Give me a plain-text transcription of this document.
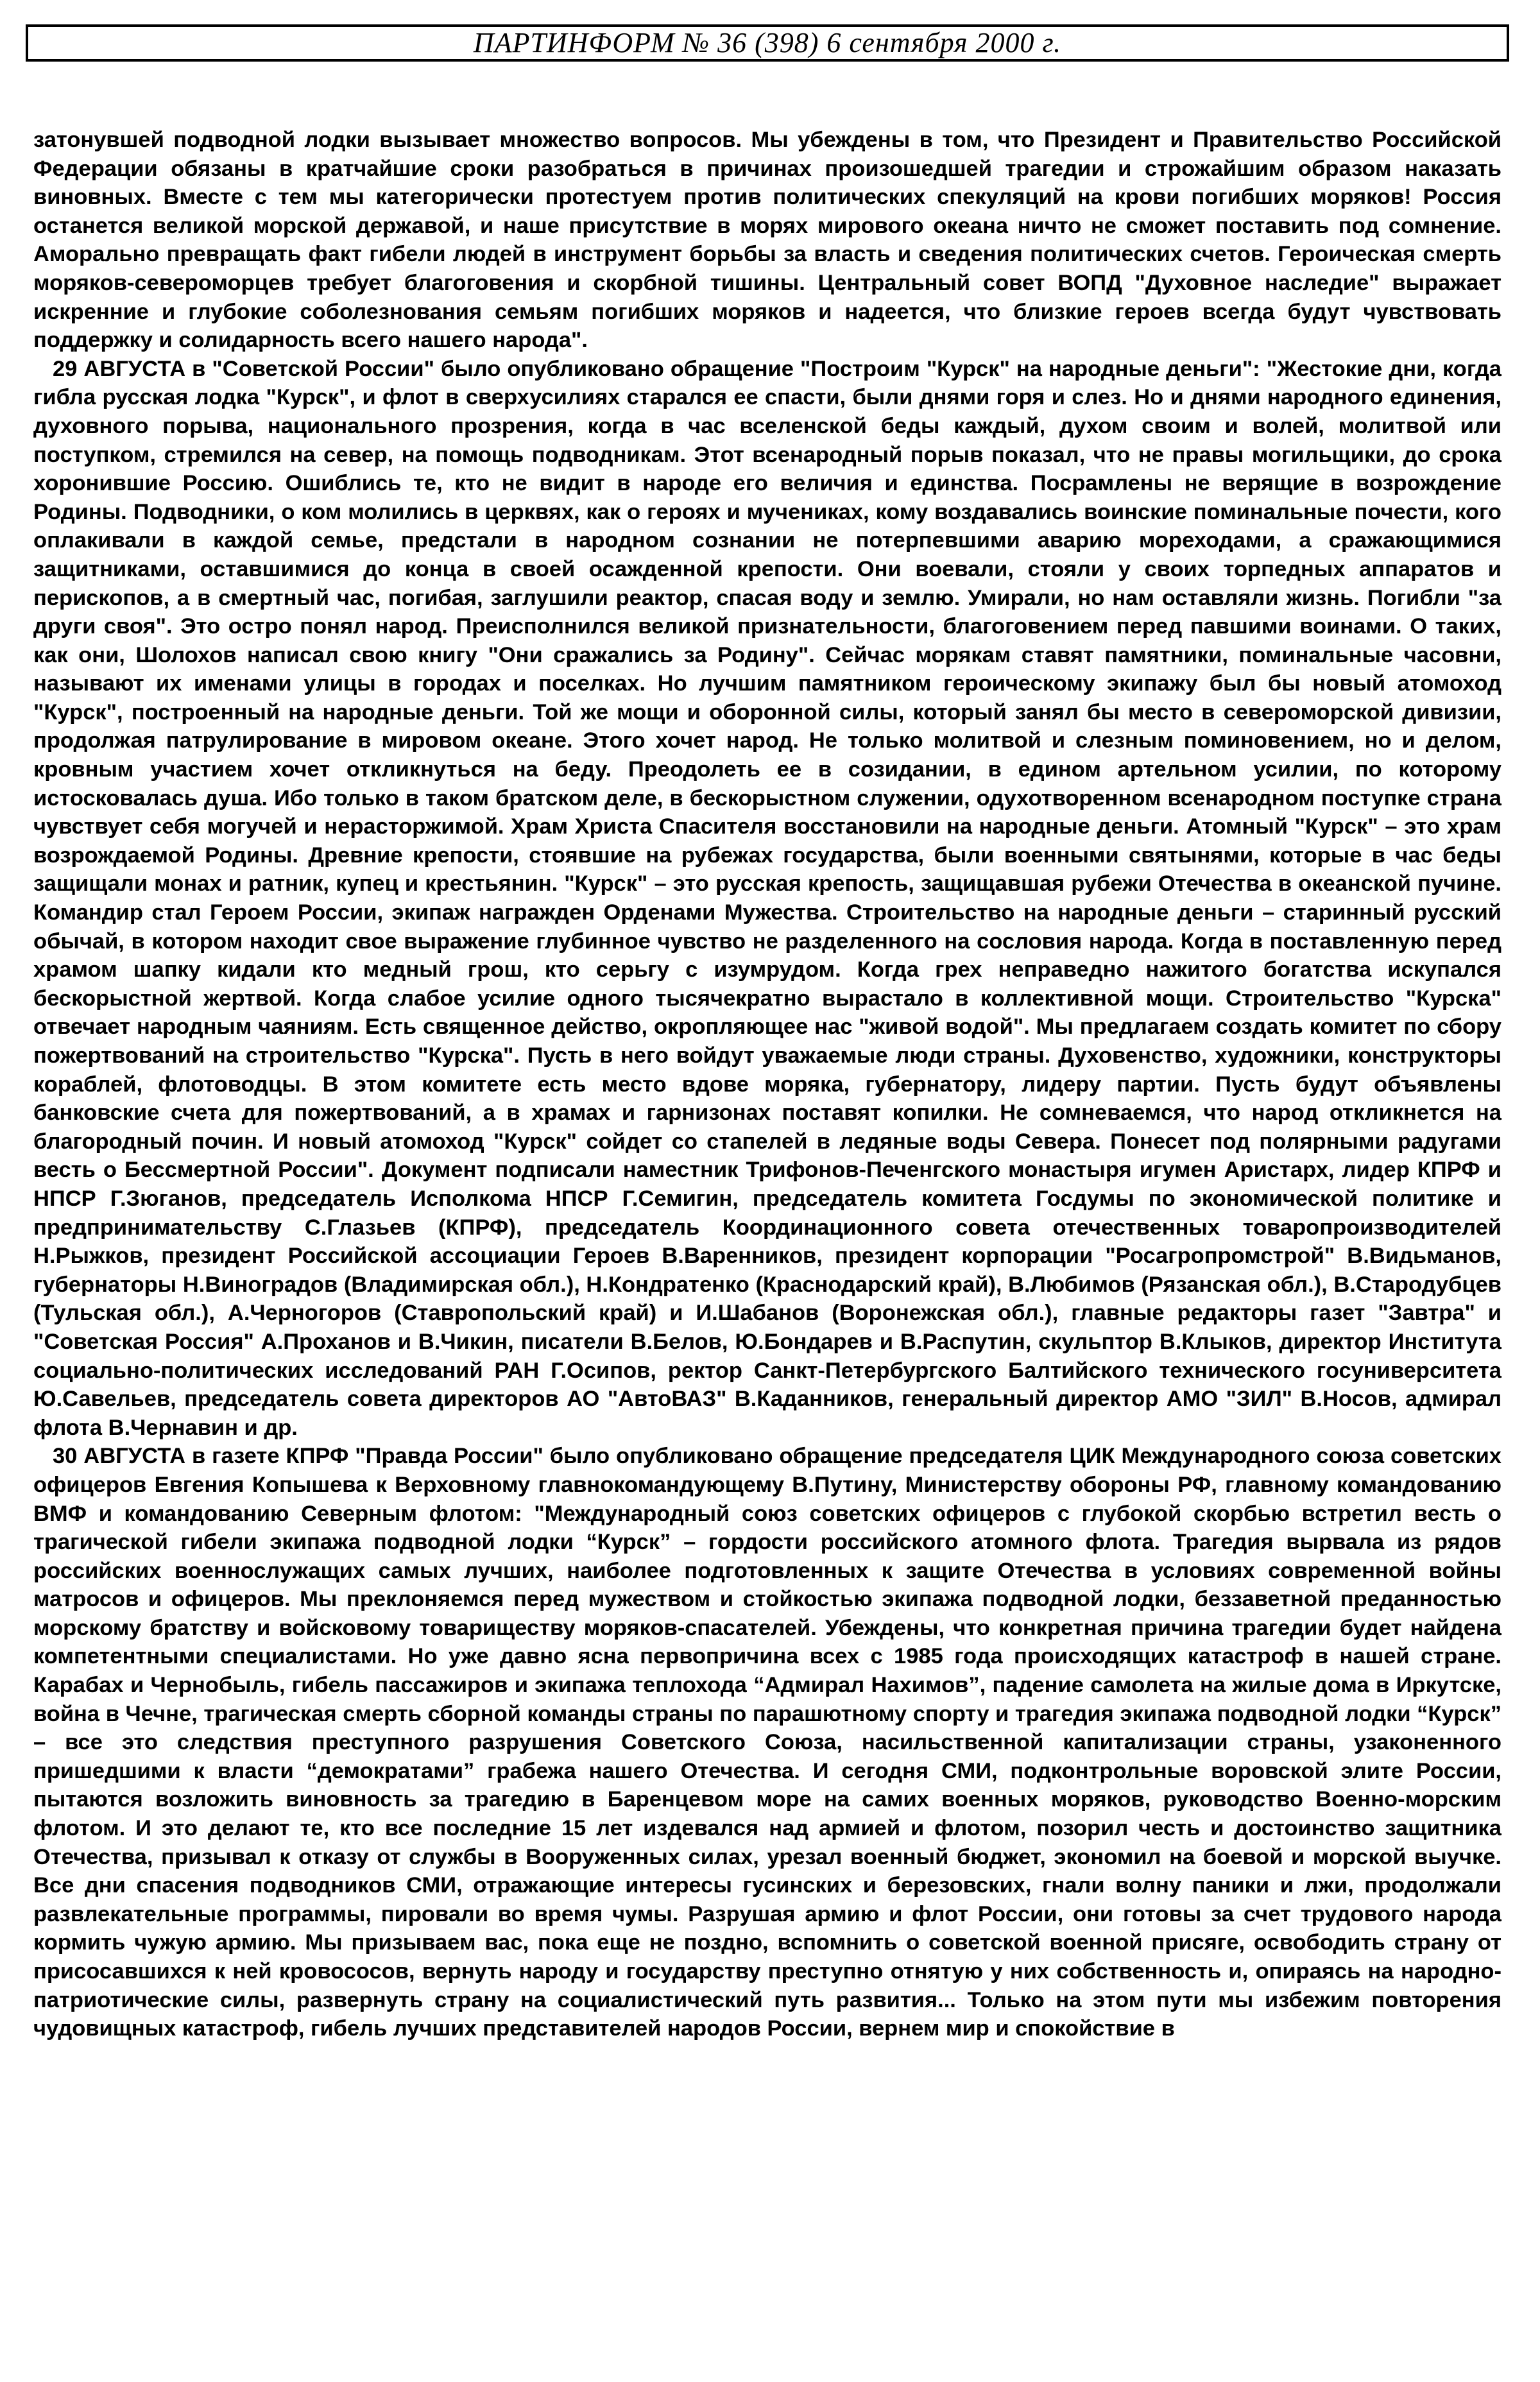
ПАРТИНФОРМ № 36 (398) 6 сентября 2000 г.

затонувшей подводной лодки вызывает множество вопросов. Мы убеждены в том, что Президент и Правительство Российской Федерации обязаны в кратчайшие сроки разобраться в причинах произошедшей трагедии и строжайшим образом наказать виновных. Вместе с тем мы категорически протестуем против политических спекуляций на крови погибших моряков! Россия останется великой морской державой, и наше присутствие в морях мирового океана ничто не сможет поставить под сомнение. Аморально превращать факт гибели людей в инструмент борьбы за власть и сведения политических счетов. Героическая смерть моряков-североморцев требует благоговения и скорбной тишины. Центральный совет ВОПД "Духовное наследие" выражает искренние и глубокие соболезнования семьям погибших моряков и надеется, что близкие героев всегда будут чувствовать поддержку и солидарность всего нашего народа".

29 АВГУСТА в "Советской России" было опубликовано обращение "Построим "Курск" на народные деньги": "Жестокие дни, когда гибла русская лодка "Курск", и флот в сверхусилиях старался ее спасти, были днями горя и слез. Но и днями народного единения, духовного порыва, национального прозрения, когда в час вселенской беды каждый, духом своим и волей, молитвой или поступком, стремился на север, на помощь подводникам. Этот всенародный порыв показал, что не правы могильщики, до срока хоронившие Россию. Ошиблись те, кто не видит в народе его величия и единства. Посрамлены не верящие в возрождение Родины. Подводники, о ком молились в церквях, как о героях и мучениках, кому воздавались воинские поминальные почести, кого оплакивали в каждой семье, предстали в народном сознании не потерпевшими аварию мореходами, а сражающимися защитниками, оставшимися до конца в своей осажденной крепости. Они воевали, стояли у своих торпедных аппаратов и перископов, а в смертный час, погибая, заглушили реактор, спасая воду и землю. Умирали, но нам оставляли жизнь. Погибли "за други своя". Это остро понял народ. Преисполнился великой признательности, благоговением перед павшими воинами. О таких, как они, Шолохов написал свою книгу "Они сражались за Родину". Сейчас морякам ставят памятники, поминальные часовни, называют их именами улицы в городах и поселках. Но лучшим памятником героическому экипажу был бы новый атомоход "Курск", построенный на народные деньги. Той же мощи и оборонной силы, который занял бы место в североморской дивизии, продолжая патрулирование в мировом океане. Этого хочет народ. Не только молитвой и слезным поминовением, но и делом, кровным участием хочет откликнуться на беду. Преодолеть ее в созидании, в едином артельном усилии, по которому истосковалась душа. Ибо только в таком братском деле, в бескорыстном служении, одухотворенном всенародном поступке страна чувствует себя могучей и нерасторжимой. Храм Христа Спасителя восстановили на народные деньги. Атомный "Курск" – это храм возрождаемой Родины. Древние крепости, стоявшие на рубежах государства, были военными святынями, которые в час беды защищали монах и ратник, купец и крестьянин. "Курск" – это русская крепость, защищавшая рубежи Отечества в океанской пучине. Командир стал Героем России, экипаж награжден Орденами Мужества. Строительство на народные деньги – старинный русский обычай, в котором находит свое выражение глубинное чувство не разделенного на сословия народа. Когда в поставленную перед храмом шапку кидали кто медный грош, кто серьгу с изумрудом. Когда грех неправедно нажитого богатства искупался бескорыстной жертвой. Когда слабое усилие одного тысячекратно вырастало в коллективной мощи. Строительство "Курска" отвечает народным чаяниям. Есть священное действо, окропляющее нас "живой водой". Мы предлагаем создать комитет по сбору пожертвований на строительство "Курска". Пусть в него войдут уважаемые люди страны. Духовенство, художники, конструкторы кораблей, флотоводцы. В этом комитете есть место вдове моряка, губернатору, лидеру партии. Пусть будут объявлены банковские счета для пожертвований, а в храмах и гарнизонах поставят копилки. Не сомневаемся, что народ откликнется на благородный почин. И новый атомоход "Курск" сойдет со стапелей в ледяные воды Севера. Понесет под полярными радугами весть о Бессмертной России". Документ подписали наместник Трифонов-Печенгского монастыря игумен Аристарх, лидер КПРФ и НПСР Г.Зюганов, председатель Исполкома НПСР Г.Семигин, председатель комитета Госдумы по экономической политике и предпринимательству С.Глазьев (КПРФ), председатель Координационного совета отечественных товаропроизводителей Н.Рыжков, президент Российской ассоциации Героев В.Варенников, президент корпорации "Росагропромстрой" В.Видьманов, губернаторы Н.Виноградов (Владимирская обл.), Н.Кондратенко (Краснодарский край), В.Любимов (Рязанская обл.), В.Стародубцев (Тульская обл.), А.Черногоров (Ставропольский край) и И.Шабанов (Воронежская обл.), главные редакторы газет "Завтра" и "Советская Россия" А.Проханов и В.Чикин, писатели В.Белов, Ю.Бондарев и В.Распутин, скульптор В.Клыков, директор Института социально-политических исследований РАН Г.Осипов, ректор Санкт-Петербургского Балтийского технического госуниверситета Ю.Савельев, председатель совета директоров АО "АвтоВАЗ" В.Каданников, генеральный директор АМО "ЗИЛ" В.Носов, адмирал флота В.Чернавин и др.

30 АВГУСТА в газете КПРФ "Правда России" было опубликовано обращение председателя ЦИК Международного союза советских офицеров Евгения Копышева к Верховному главнокомандующему В.Путину, Министерству обороны РФ, главному командованию ВМФ и командованию Северным флотом: "Международный союз советских офицеров с глубокой скорбью встретил весть о трагической гибели экипажа подводной лодки “Курск” – гордости российского атомного флота. Трагедия вырвала из рядов российских военнослужащих самых лучших, наиболее подготовленных к защите Отечества в условиях современной войны матросов и офицеров. Мы преклоняемся перед мужеством и стойкостью экипажа подводной лодки, беззаветной преданностью морскому братству и войсковому товариществу моряков-спасателей. Убеждены, что конкретная причина трагедии будет найдена компетентными специалистами. Но уже давно ясна первопричина всех с 1985 года происходящих катастроф в нашей стране. Карабах и Чернобыль, гибель пассажиров и экипажа теплохода “Адмирал Нахимов”, падение самолета на жилые дома в Иркутске, война в Чечне, трагическая смерть сборной команды страны по парашютному спорту и трагедия экипажа подводной лодки “Курск” – все это следствия преступного разрушения Советского Союза, насильственной капитализации страны, узаконенного пришедшими к власти “демократами” грабежа нашего Отечества. И сегодня СМИ, подконтрольные воровской элите России, пытаются возложить виновность за трагедию в Баренцевом море на самих военных моряков, руководство Военно-морским флотом. И это делают те, кто все последние 15 лет издевался над армией и флотом, позорил честь и достоинство защитника Отечества, призывал к отказу от службы в Вооруженных силах, урезал военный бюджет, экономил на боевой и морской выучке. Все дни спасения подводников СМИ, отражающие интересы гусинских и березовских, гнали волну паники и лжи, продолжали развлекательные программы, пировали во время чумы. Разрушая армию и флот России, они готовы за счет трудового народа кормить чужую армию. Мы призываем вас, пока еще не поздно, вспомнить о советской военной присяге, освободить страну от присосавшихся к ней кровососов, вернуть народу и государству преступно отнятую у них собственность и, опираясь на народно-патриотические силы, развернуть страну на социалистический путь развития... Только на этом пути мы избежим повторения чудовищных катастроф, гибель лучших представителей народов России, вернем мир и спокойствие в
